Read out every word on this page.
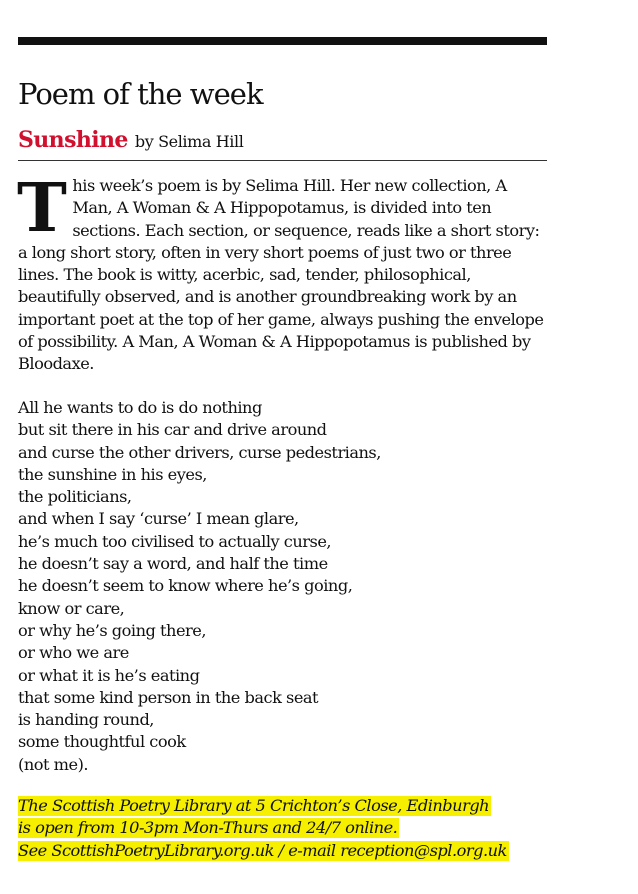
Poem of the week
Sunshine by Selima Hill

This week’s poem is by Selima Hill. Her new collection, A Man, A Woman & A Hippopotamus, is divided into ten sections. Each section, or sequence, reads like a short story: a long short story, often in very short poems of just two or three lines. The book is witty, acerbic, sad, tender, philosophical, beautifully observed, and is another groundbreaking work by an important poet at the top of her game, always pushing the envelope of possibility. A Man, A Woman & A Hippopotamus is published by Bloodaxe.

All he wants to do is do nothing
but sit there in his car and drive around
and curse the other drivers, curse pedestrians,
the sunshine in his eyes,
the politicians,
and when I say ‘curse’ I mean glare,
he’s much too civilised to actually curse,
he doesn’t say a word, and half the time
he doesn’t seem to know where he’s going,
know or care,
or why he’s going there,
or who we are
or what it is he’s eating
that some kind person in the back seat
is handing round,
some thoughtful cook
(not me).
The Scottish Poetry Library at 5 Crichton’s Close, Edinburgh
is open from 10-3pm Mon-Thurs and 24/7 online.
See ScottishPoetryLibrary.org.uk / e-mail reception@spl.org.uk
